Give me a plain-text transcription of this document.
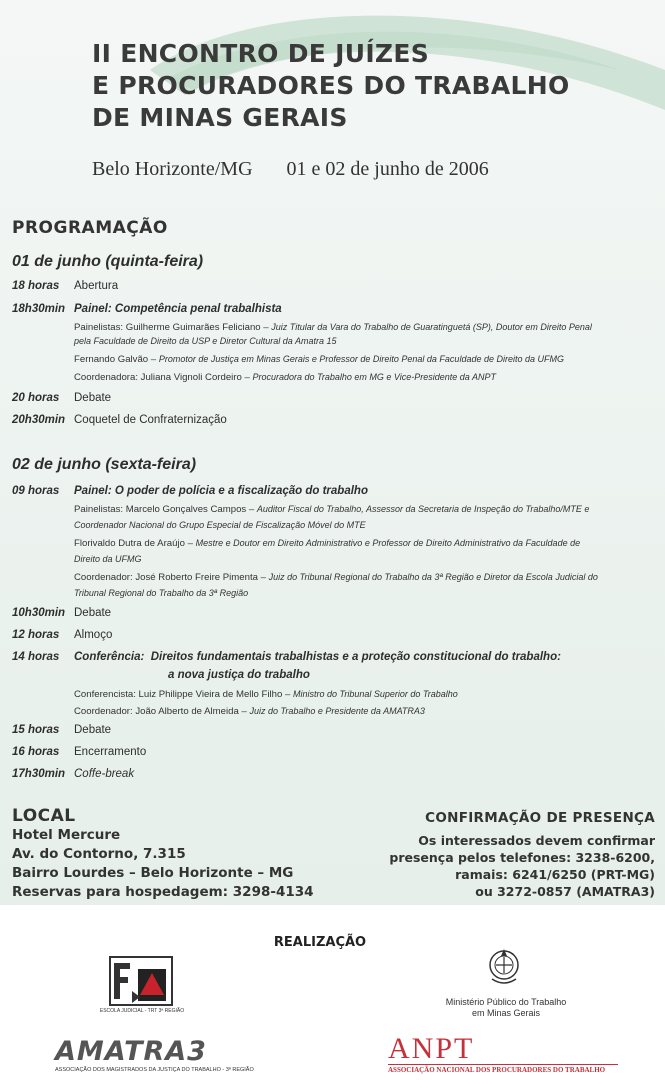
II ENCONTRO DE JUÍZES
E PROCURADORES DO TRABALHO
DE MINAS GERAIS
Belo Horizonte/MG 01 e 02 de junho de 2006
PROGRAMAÇÃO
01 de junho (quinta-feira)
18 horas Abertura
18h30min Painel: Competência penal trabalhista
Painelistas: Guilherme Guimarães Feliciano – Juiz Titular da Vara do Trabalho de Guaratinguetá (SP), Doutor em Direito Penal
pela Faculdade de Direito da USP e Diretor Cultural da Amatra 15
Fernando Galvão – Promotor de Justiça em Minas Gerais e Professor de Direito Penal da Faculdade de Direito da UFMG
Coordenadora: Juliana Vignoli Cordeiro – Procuradora do Trabalho em MG e Vice-Presidente da ANPT
20 horas Debate
20h30min Coquetel de Confraternização
02 de junho (sexta-feira)
09 horas Painel: O poder de polícia e a fiscalização do trabalho
Painelistas: Marcelo Gonçalves Campos – Auditor Fiscal do Trabalho, Assessor da Secretaria de Inspeção do Trabalho/MTE e
Coordenador Nacional do Grupo Especial de Fiscalização Móvel do MTE
Florivaldo Dutra de Araújo – Mestre e Doutor em Direito Administrativo e Professor de Direito Administrativo da Faculdade de
Direito da UFMG
Coordenador: José Roberto Freire Pimenta – Juiz do Tribunal Regional do Trabalho da 3ª Região e Diretor da Escola Judicial do
Tribunal Regional do Trabalho da 3ª Região
10h30min Debate
12 horas Almoço
14 horas Conferência: Direitos fundamentais trabalhistas e a proteção constitucional do trabalho:
a nova justiça do trabalho
Conferencista: Luiz Philippe Vieira de Mello Filho – Ministro do Tribunal Superior do Trabalho
Coordenador: João Alberto de Almeida – Juiz do Trabalho e Presidente da AMATRA3
15 horas Debate
16 horas Encerramento
17h30min Coffe-break
LOCAL
Hotel Mercure
Av. do Contorno, 7.315
Bairro Lourdes – Belo Horizonte – MG
Reservas para hospedagem: 3298-4134
CONFIRMAÇÃO DE PRESENÇA
Os interessados devem confirmar
presença pelos telefones: 3238-6200,
ramais: 6241/6250 (PRT-MG)
ou 3272-0857 (AMATRA3)
REALIZAÇÃO
ESCOLA JUDICIAL - TRT 3ª REGIÃO
Ministério Público do Trabalho
em Minas Gerais
AMATRA3
ASSOCIAÇÃO DOS MAGISTRADOS DA JUSTIÇA DO TRABALHO - 3ª REGIÃO
ANPT
ASSOCIAÇÃO NACIONAL DOS PROCURADORES DO TRABALHO
